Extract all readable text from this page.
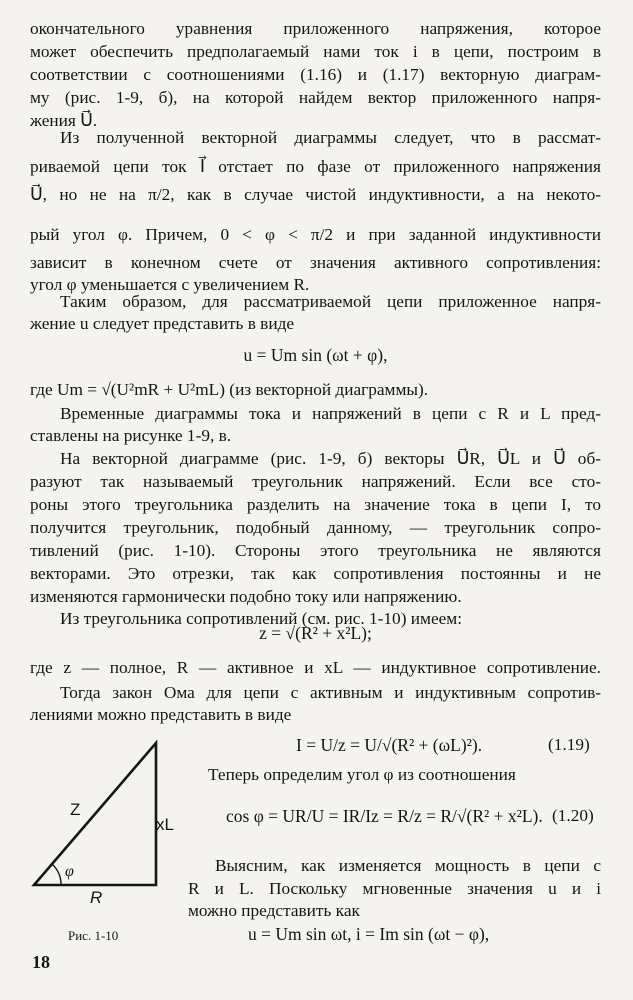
окончательного уравнения приложенного напряжения, которое
может обеспечить предполагаемый нами ток i в цепи, построим в
соответствии с соотношениями (1.16) и (1.17) векторную диаграм-
му (рис. 1-9, б), на которой найдем вектор приложенного напря-
жения U⃗.
Из полученной векторной диаграммы следует, что в рассмат-
риваемой цепи ток I⃗ отстает по фазе от приложенного напряжения
U⃗, но не на π/2, как в случае чистой индуктивности, а на некото-
рый угол φ. Причем, 0 < φ < π/2 и при заданной индуктивности
зависит в конечном счете от значения активного сопротивления:
угол φ уменьшается с увеличением R.
Таким образом, для рассматриваемой цепи приложенное напря-
жение u следует представить в виде
u = Um sin (ωt + φ),
где Um = √(U²mR + U²mL) (из векторной диаграммы).
Временные диаграммы тока и напряжений в цепи с R и L пред-
ставлены на рисунке 1-9, в.
На векторной диаграмме (рис. 1-9, б) векторы U⃗R, U⃗L и U⃗ об-
разуют так называемый треугольник напряжений. Если все сто-
роны этого треугольника разделить на значение тока в цепи I, то
получится треугольник, подобный данному, — треугольник сопро-
тивлений (рис. 1-10). Стороны этого треугольника не являются
векторами. Это отрезки, так как сопротивления постоянны и не
изменяются гармонически подобно току или напряжению.
Из треугольника сопротивлений (см. рис. 1-10) имеем:
z = √(R² + x²L);
где z — полное, R — активное и xL — индуктивное сопротивление.
Тогда закон Ома для цепи с активным и индуктивным сопротив-
лениями можно представить в виде
I = U/z = U/√(R² + (ωL)²).	(1.19)
Теперь определим угол φ из соотношения
cos φ = UR/U = IR/Iz = R/z = R/√(R² + x²L). (1.20)
Выясним, как изменяется мощность в цепи с
R и L. Поскольку мгновенные значения u и i
можно представить как
u = Um sin ωt, i = Im sin (ωt − φ),
Z
xL
R
φ
Рис. 1-10
18
